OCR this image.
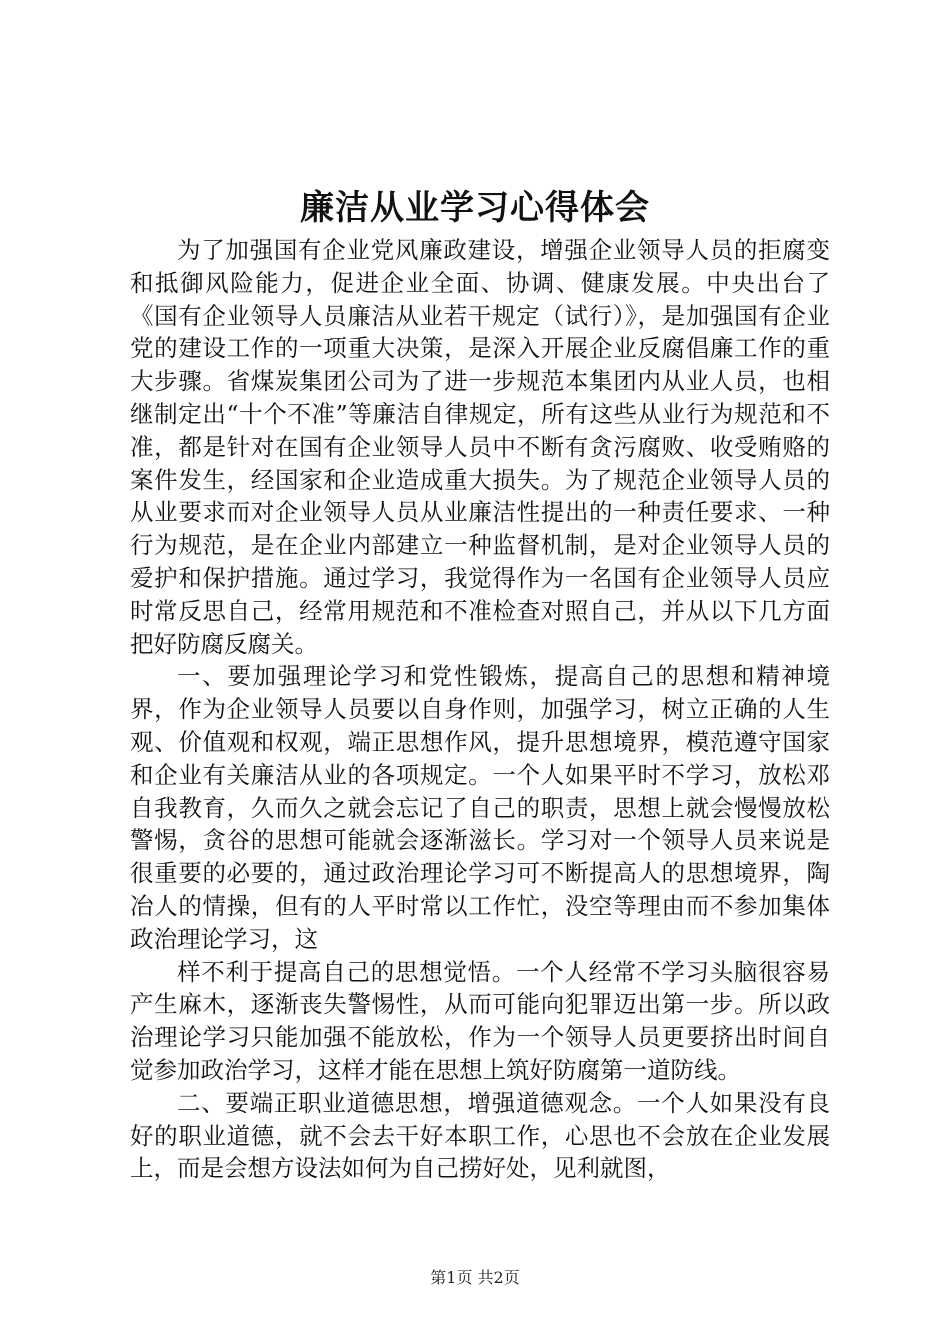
廉洁从业学习心得体会

为了加强国有企业党风廉政建设，增强企业领导人员的拒腐变和抵御风险能力，促进企业全面、协调、健康发展。中央出台了《国有企业领导人员廉洁从业若干规定（试行）》，是加强国有企业党的建设工作的一项重大决策，是深入开展企业反腐倡廉工作的重大步骤。省煤炭集团公司为了进一步规范本集团内从业人员，也相继制定出“十个不准”等廉洁自律规定，所有这些从业行为规范和不准，都是针对在国有企业领导人员中不断有贪污腐败、收受贿赂的案件发生，经国家和企业造成重大损失。为了规范企业领导人员的从业要求而对企业领导人员从业廉洁性提出的一种责任要求、一种行为规范，是在企业内部建立一种监督机制，是对企业领导人员的爱护和保护措施。通过学习，我觉得作为一名国有企业领导人员应时常反思自己，经常用规范和不准检查对照自己，并从以下几方面把好防腐反腐关。

一、要加强理论学习和党性锻炼，提高自己的思想和精神境界，作为企业领导人员要以自身作则，加强学习，树立正确的人生观、价值观和权观，端正思想作风，提升思想境界，模范遵守国家和企业有关廉洁从业的各项规定。一个人如果平时不学习，放松邓自我教育，久而久之就会忘记了自己的职责，思想上就会慢慢放松警惕，贪谷的思想可能就会逐渐滋长。学习对一个领导人员来说是很重要的必要的，通过政治理论学习可不断提高人的思想境界，陶冶人的情操，但有的人平时常以工作忙，没空等理由而不参加集体政治理论学习，这

样不利于提高自己的思想觉悟。一个人经常不学习头脑很容易产生麻木，逐渐丧失警惕性，从而可能向犯罪迈出第一步。所以政治理论学习只能加强不能放松，作为一个领导人员更要挤出时间自觉参加政治学习，这样才能在思想上筑好防腐第一道防线。

二、要端正职业道德思想，增强道德观念。一个人如果没有良好的职业道德，就不会去干好本职工作，心思也不会放在企业发展上，而是会想方设法如何为自己捞好处，见利就图，

第1页 共2页
